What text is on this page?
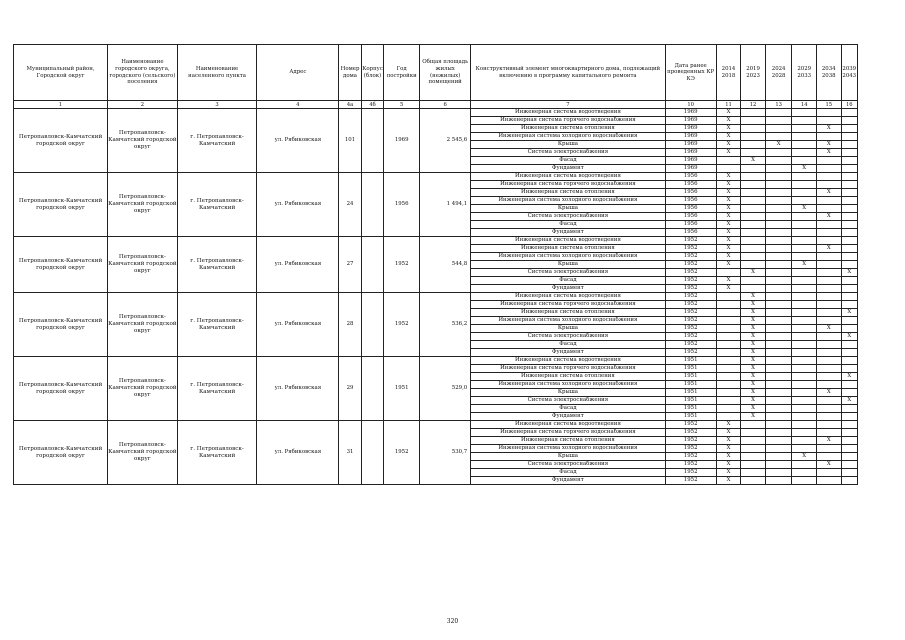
Муниципальный район, Городской округ	Наименование городского округа, городского (сельского) поселения	Наименование населенного пункта	Адрес	Номер дома	Корпус (блок)	Год постройки	Общая площадь жилых (нежилых) помещений	Конструктивный элемент многоквартирного дома, подлежащий включению в программу капитального ремонта	Дата ранее проведенных КР КЭ	2014 2018	2019 2023	2024 2028	2029 2033	2034 2038	2039 2043
1	2	3	4	4а	4б	5	6	7	10	11	12	13	14	15	16
Петропавловск-Камчатский городской округ	Петропавловск-Камчатский городской округ	г. Петропавловск-Камчатский	ул. Рябиковская	101		1969	2 545,6	Инженерная система водоотведения	1969	X					
								Инженерная система горячего водоснабжения	1969	X					
								Инженерная система отопления	1969	X				X	
								Инженерная система холодного водоснабжения	1969	X					
								Крыша	1969	X		X		X	
								Система электроснабжения	1969	X				X	
								Фасад	1969		X				
								Фундамент	1969				X		
Петропавловск-Камчатский городской округ	Петропавловск-Камчатский городской округ	г. Петропавловск-Камчатский	ул. Рябиковская	24		1956	1 494,1	Инженерная система водоотведения	1956	X					
								Инженерная система горячего водоснабжения	1956	X					
								Инженерная система отопления	1956	X				X	
								Инженерная система холодного водоснабжения	1956	X					
								Крыша	1956	X			X		
								Система электроснабжения	1956	X				X	
								Фасад	1956	X					
								Фундамент	1956	X					
Петропавловск-Камчатский городской округ	Петропавловск-Камчатский городской округ	г. Петропавловск-Камчатский	ул. Рябиковская	27		1952	544,8	Инженерная система водоотведения	1952	X					
								Инженерная система отопления	1952	X				X	
								Инженерная система холодного водоснабжения	1952	X					
								Крыша	1952	X			X		
								Система электроснабжения	1952		X				X
								Фасад	1952	X					
								Фундамент	1952	X					
Петропавловск-Камчатский городской округ	Петропавловск-Камчатский городской округ	г. Петропавловск-Камчатский	ул. Рябиковская	28		1952	536,2	Инженерная система водоотведения	1952		X				
								Инженерная система горячего водоснабжения	1952		X				
								Инженерная система отопления	1952		X				X
								Инженерная система холодного водоснабжения	1952		X				
								Крыша	1952		X			X	
								Система электроснабжения	1952		X				X
								Фасад	1952		X				
								Фундамент	1952		X				
Петропавловск-Камчатский городской округ	Петропавловск-Камчатский городской округ	г. Петропавловск-Камчатский	ул. Рябиковская	29		1951	529,0	Инженерная система водоотведения	1951		X				
								Инженерная система горячего водоснабжения	1951		X				
								Инженерная система отопления	1951		X				X
								Инженерная система холодного водоснабжения	1951		X				
								Крыша	1951		X			X	
								Система электроснабжения	1951		X				X
								Фасад	1951		X				
								Фундамент	1951		X				
Петропавловск-Камчатский городской округ	Петропавловск-Камчатский городской округ	г. Петропавловск-Камчатский	ул. Рябиковская	31		1952	530,7	Инженерная система водоотведения	1952	X					
								Инженерная система горячего водоснабжения	1952	X					
								Инженерная система отопления	1952	X				X	
								Инженерная система холодного водоснабжения	1952	X					
								Крыша	1952	X			X		
								Система электроснабжения	1952	X				X	
								Фасад	1952	X					
								Фундамент	1952	X					
320
